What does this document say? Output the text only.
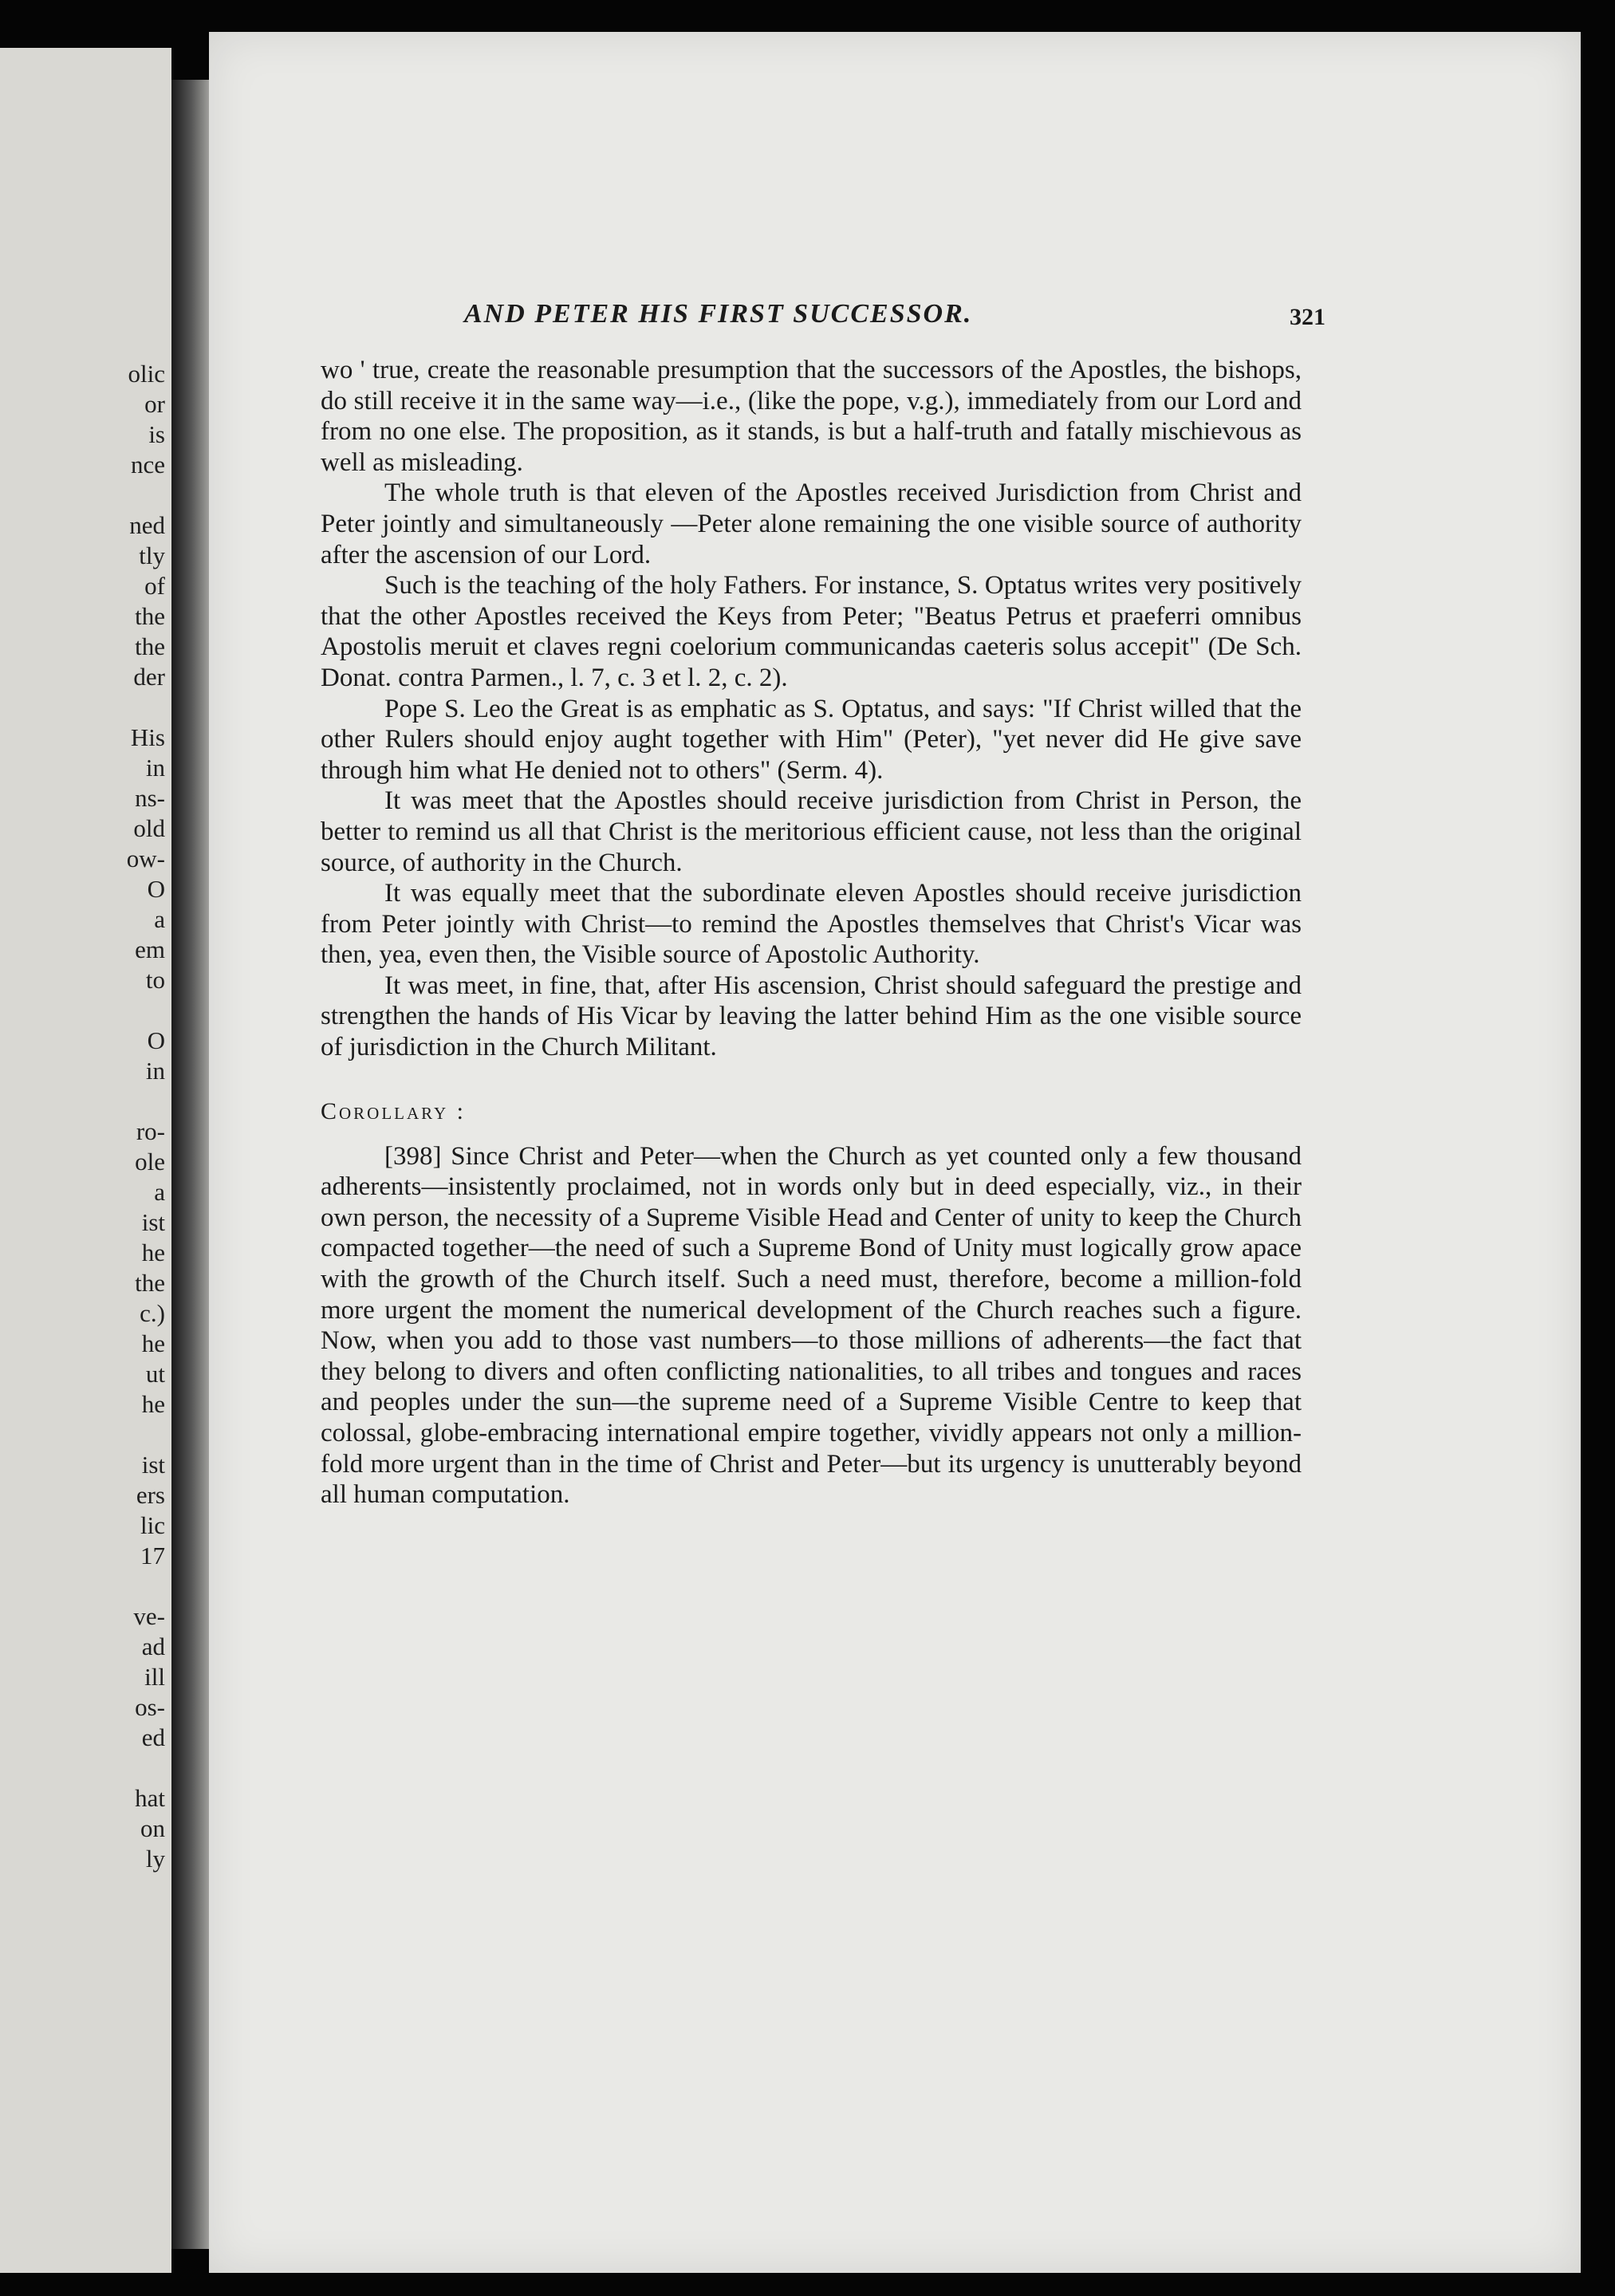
olic
or
is
nce
ned
tly
of
the
the
der
His
in
ns-
old
ow-
O
a
em
to
O
in
ro-
ole
a
ist
he
the
c.)
he
ut
he
ist
ers
lic
17
ve-
ad
ill
os-
ed
hat
on
ly
AND PETER HIS FIRST SUCCESSOR.	321

wo ' true, create the reasonable presumption that the successors of the Apostles, the bishops, do still receive it in the same way—i.e., (like the pope, v.g.), immediately from our Lord and from no one else. The proposition, as it stands, is but a half-truth and fatally mischievous as well as misleading.

The whole truth is that eleven of the Apostles received Jurisdiction from Christ and Peter jointly and simultaneously —Peter alone remaining the one visible source of authority after the ascension of our Lord.

Such is the teaching of the holy Fathers. For instance, S. Optatus writes very positively that the other Apostles received the Keys from Peter; "Beatus Petrus et praeferri omnibus Apostolis meruit et claves regni coelorium communicandas caeteris solus accepit" (De Sch. Donat. contra Parmen., l. 7, c. 3 et l. 2, c. 2).

Pope S. Leo the Great is as emphatic as S. Optatus, and says: "If Christ willed that the other Rulers should enjoy aught together with Him" (Peter), "yet never did He give save through him what He denied not to others" (Serm. 4).

It was meet that the Apostles should receive jurisdiction from Christ in Person, the better to remind us all that Christ is the meritorious efficient cause, not less than the original source, of authority in the Church.

It was equally meet that the subordinate eleven Apostles should receive jurisdiction from Peter jointly with Christ—to remind the Apostles themselves that Christ's Vicar was then, yea, even then, the Visible source of Apostolic Authority.

It was meet, in fine, that, after His ascension, Christ should safeguard the prestige and strengthen the hands of His Vicar by leaving the latter behind Him as the one visible source of jurisdiction in the Church Militant.

Corollary :

[398] Since Christ and Peter—when the Church as yet counted only a few thousand adherents—insistently proclaimed, not in words only but in deed especially, viz., in their own person, the necessity of a Supreme Visible Head and Center of unity to keep the Church compacted together—the need of such a Supreme Bond of Unity must logically grow apace with the growth of the Church itself. Such a need must, therefore, become a million-fold more urgent the moment the numerical development of the Church reaches such a figure. Now, when you add to those vast numbers—to those millions of adherents—the fact that they belong to divers and often conflicting nationalities, to all tribes and tongues and races and peoples under the sun—the supreme need of a Supreme Visible Centre to keep that colossal, globe-embracing international empire together, vividly appears not only a million-fold more urgent than in the time of Christ and Peter—but its urgency is unutterably beyond all human computation.
